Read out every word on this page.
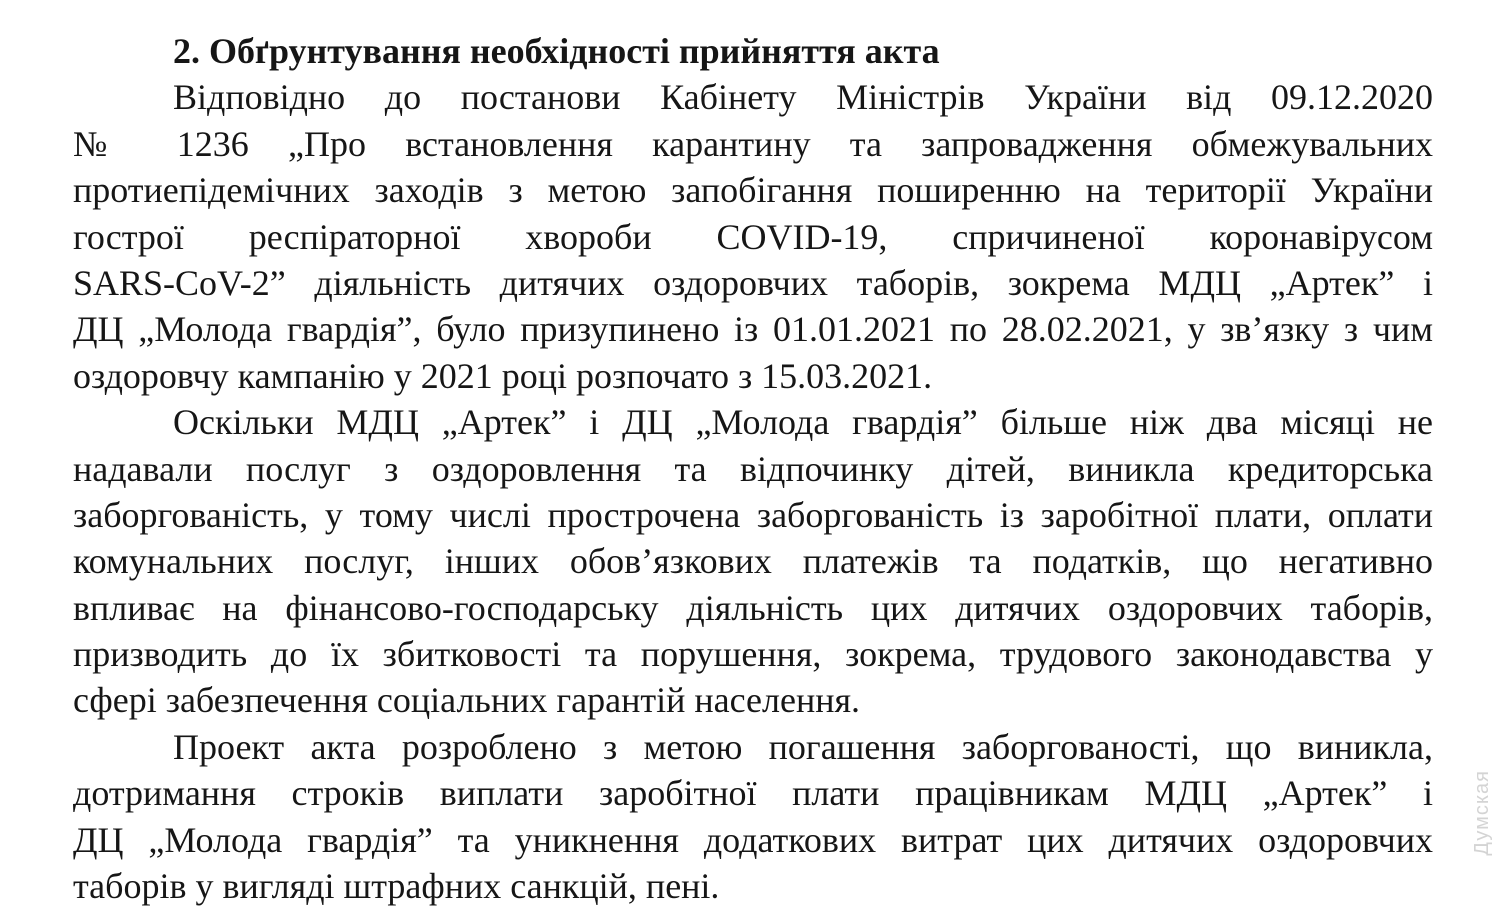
2. Обґрунтування необхідності прийняття акта
Відповідно до постанови Кабінету Міністрів України від 09.12.2020
№ 1236 „Про встановлення карантину та запровадження обмежувальних
протиепідемічних заходів з метою запобігання поширенню на території України
гострої респіраторної хвороби COVID-19, спричиненої коронавірусом
SARS-CoV-2” діяльність дитячих оздоровчих таборів, зокрема МДЦ „Артек” і
ДЦ „Молода гвардія”, було призупинено із 01.01.2021 по 28.02.2021, у зв’язку з чим
оздоровчу кампанію у 2021 році розпочато з 15.03.2021.
Оскільки МДЦ „Артек” і ДЦ „Молода гвардія” більше ніж два місяці не
надавали послуг з оздоровлення та відпочинку дітей, виникла кредиторська
заборгованість, у тому числі прострочена заборгованість із заробітної плати, оплати
комунальних послуг, інших обов’язкових платежів та податків, що негативно
впливає на фінансово-господарську діяльність цих дитячих оздоровчих таборів,
призводить до їх збитковості та порушення, зокрема, трудового законодавства у
сфері забезпечення соціальних гарантій населення.
Проект акта розроблено з метою погашення заборгованості, що виникла,
дотримання строків виплати заробітної плати працівникам МДЦ „Артек” і
ДЦ „Молода гвардія” та уникнення додаткових витрат цих дитячих оздоровчих
таборів у вигляді штрафних санкцій, пені.
Думская
